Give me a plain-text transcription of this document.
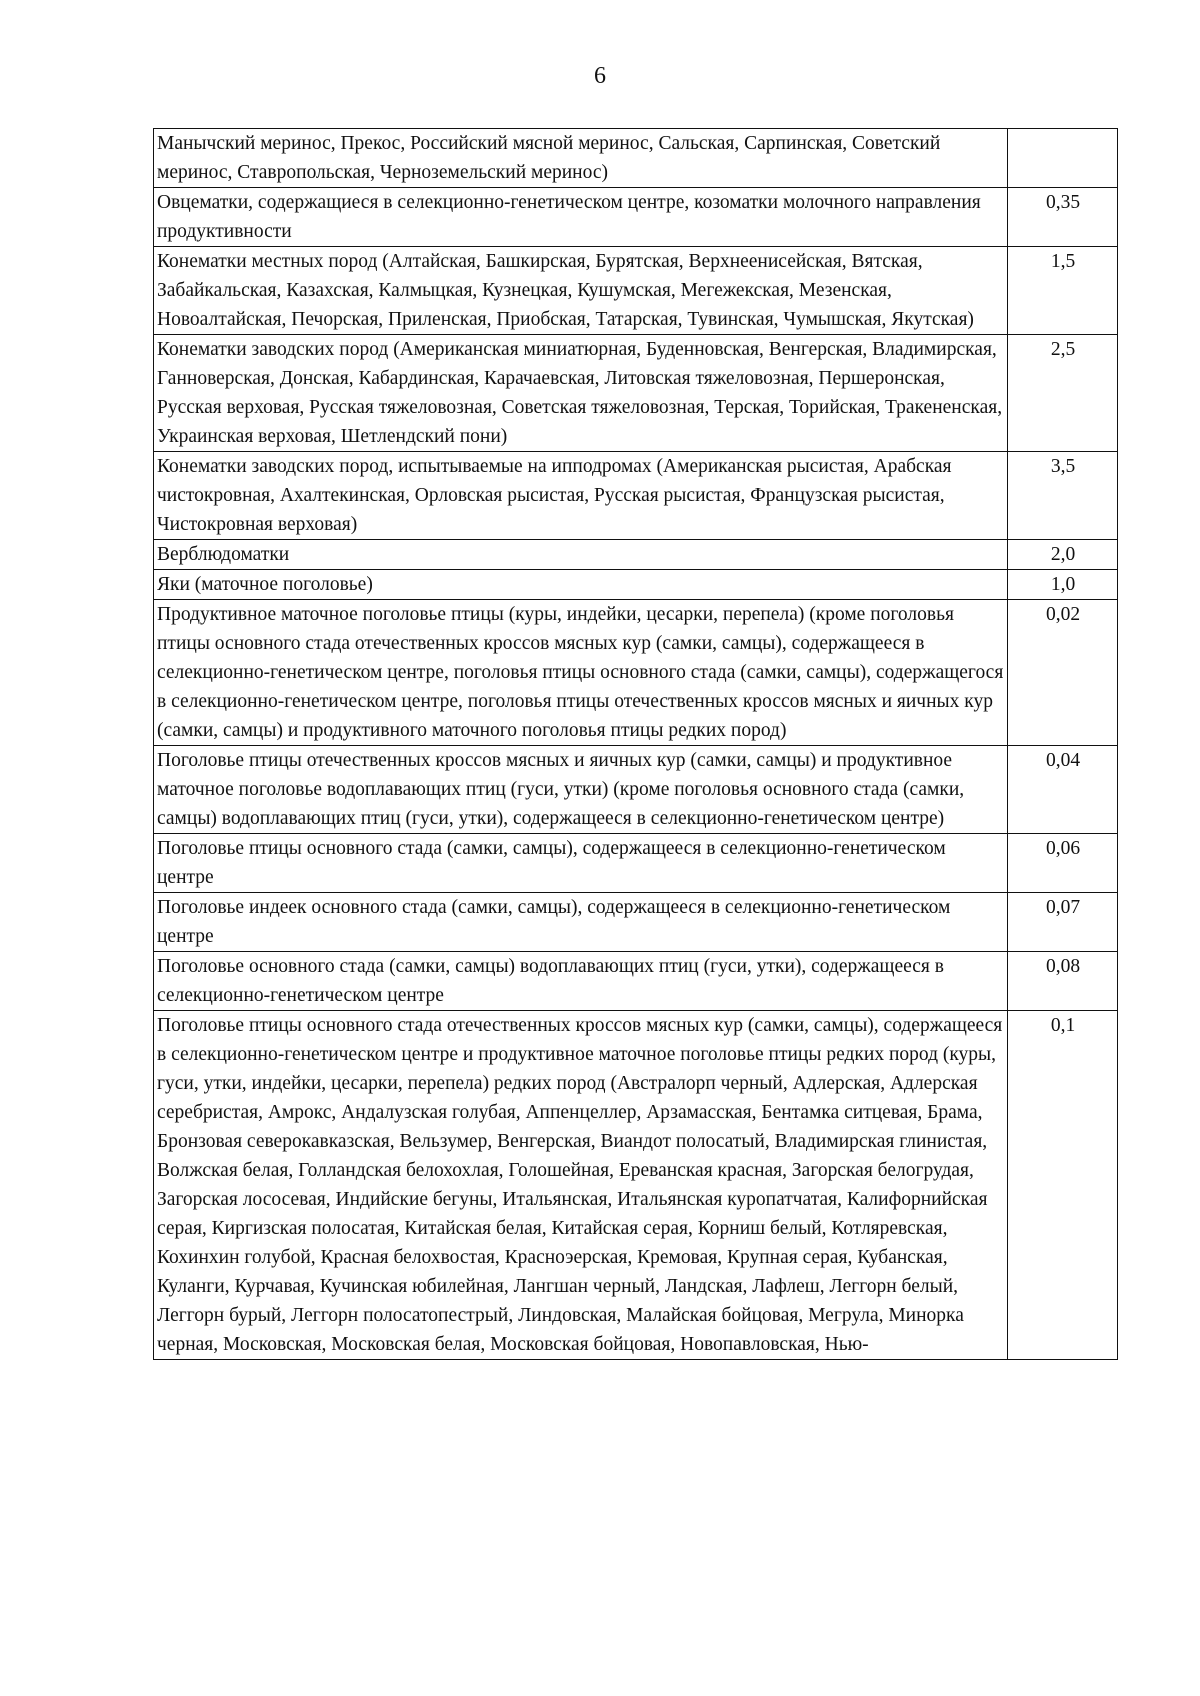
6
Манычский меринос, Прекос, Российский мясной меринос, Сальская, Сарпинская, Советский меринос, Ставропольская, Черноземельский меринос)	
Овцематки, содержащиеся в селекционно-генетическом центре, козоматки молочного направления продуктивности	0,35
Конематки местных пород (Алтайская, Башкирская, Бурятская, Верхнеенисейская, Вятская, Забайкальская, Казахская, Калмыцкая, Кузнецкая, Кушумская, Мегежекская, Мезенская, Новоалтайская, Печорская, Приленская, Приобская, Татарская, Тувинская, Чумышская, Якутская)	1,5
Конематки заводских пород (Американская миниатюрная, Буденновская, Венгерская, Владимирская, Ганноверская, Донская, Кабардинская, Карачаевская, Литовская тяжеловозная, Першеронская, Русская верховая, Русская тяжеловозная, Советская тяжеловозная, Терская, Торийская, Тракененская, Украинская верховая, Шетлендский пони)	2,5
Конематки заводских пород, испытываемые на ипподромах (Американская рысистая, Арабская чистокровная, Ахалтекинская, Орловская рысистая, Русская рысистая, Французская рысистая, Чистокровная верховая)	3,5
Верблюдоматки	2,0
Яки (маточное поголовье)	1,0
Продуктивное маточное поголовье птицы (куры, индейки, цесарки, перепела) (кроме поголовья птицы основного стада отечественных кроссов мясных кур (самки, самцы), содержащееся в селекционно-генетическом центре, поголовья птицы основного стада (самки, самцы), содержащегося в селекционно-генетическом центре, поголовья птицы отечественных кроссов мясных и яичных кур (самки, самцы) и продуктивного маточного поголовья птицы редких пород)	0,02
Поголовье птицы отечественных кроссов мясных и яичных кур (самки, самцы) и продуктивное маточное поголовье водоплавающих птиц (гуси, утки) (кроме поголовья основного стада (самки, самцы) водоплавающих птиц (гуси, утки), содержащееся в селекционно-генетическом центре)	0,04
Поголовье птицы основного стада (самки, самцы), содержащееся в селекционно-генетическом центре	0,06
Поголовье индеек основного стада (самки, самцы), содержащееся в селекционно-генетическом центре	0,07
Поголовье основного стада (самки, самцы) водоплавающих птиц (гуси, утки), содержащееся в селекционно-генетическом центре	0,08
Поголовье птицы основного стада отечественных кроссов мясных кур (самки, самцы), содержащееся в селекционно-генетическом центре и продуктивное маточное поголовье птицы редких пород (куры, гуси, утки, индейки, цесарки, перепела) редких пород (Австралорп черный, Адлерская, Адлерская серебристая, Амрокс, Андалузская голубая, Аппенцеллер, Арзамасская, Бентамка ситцевая, Брама, Бронзовая северокавказская, Вельзумер, Венгерская, Виандот полосатый, Владимирская глинистая, Волжская белая, Голландская белохохлая, Голошейная, Ереванская красная, Загорская белогрудая, Загорская лососевая, Индийские бегуны, Итальянская, Итальянская куропатчатая, Калифорнийская серая, Киргизская полосатая, Китайская белая, Китайская серая, Корниш белый, Котляревская, Кохинхин голубой, Красная белохвостая, Красноэерская, Кремовая, Крупная серая, Кубанская, Куланги, Курчавая, Кучинская юбилейная, Лангшан черный, Ландская, Лафлеш, Леггорн белый, Леггорн бурый, Леггорн полосатопестрый, Линдовская, Малайская бойцовая, Мегрула, Минорка черная, Московская, Московская белая, Московская бойцовая, Новопавловская, Нью-	0,1
